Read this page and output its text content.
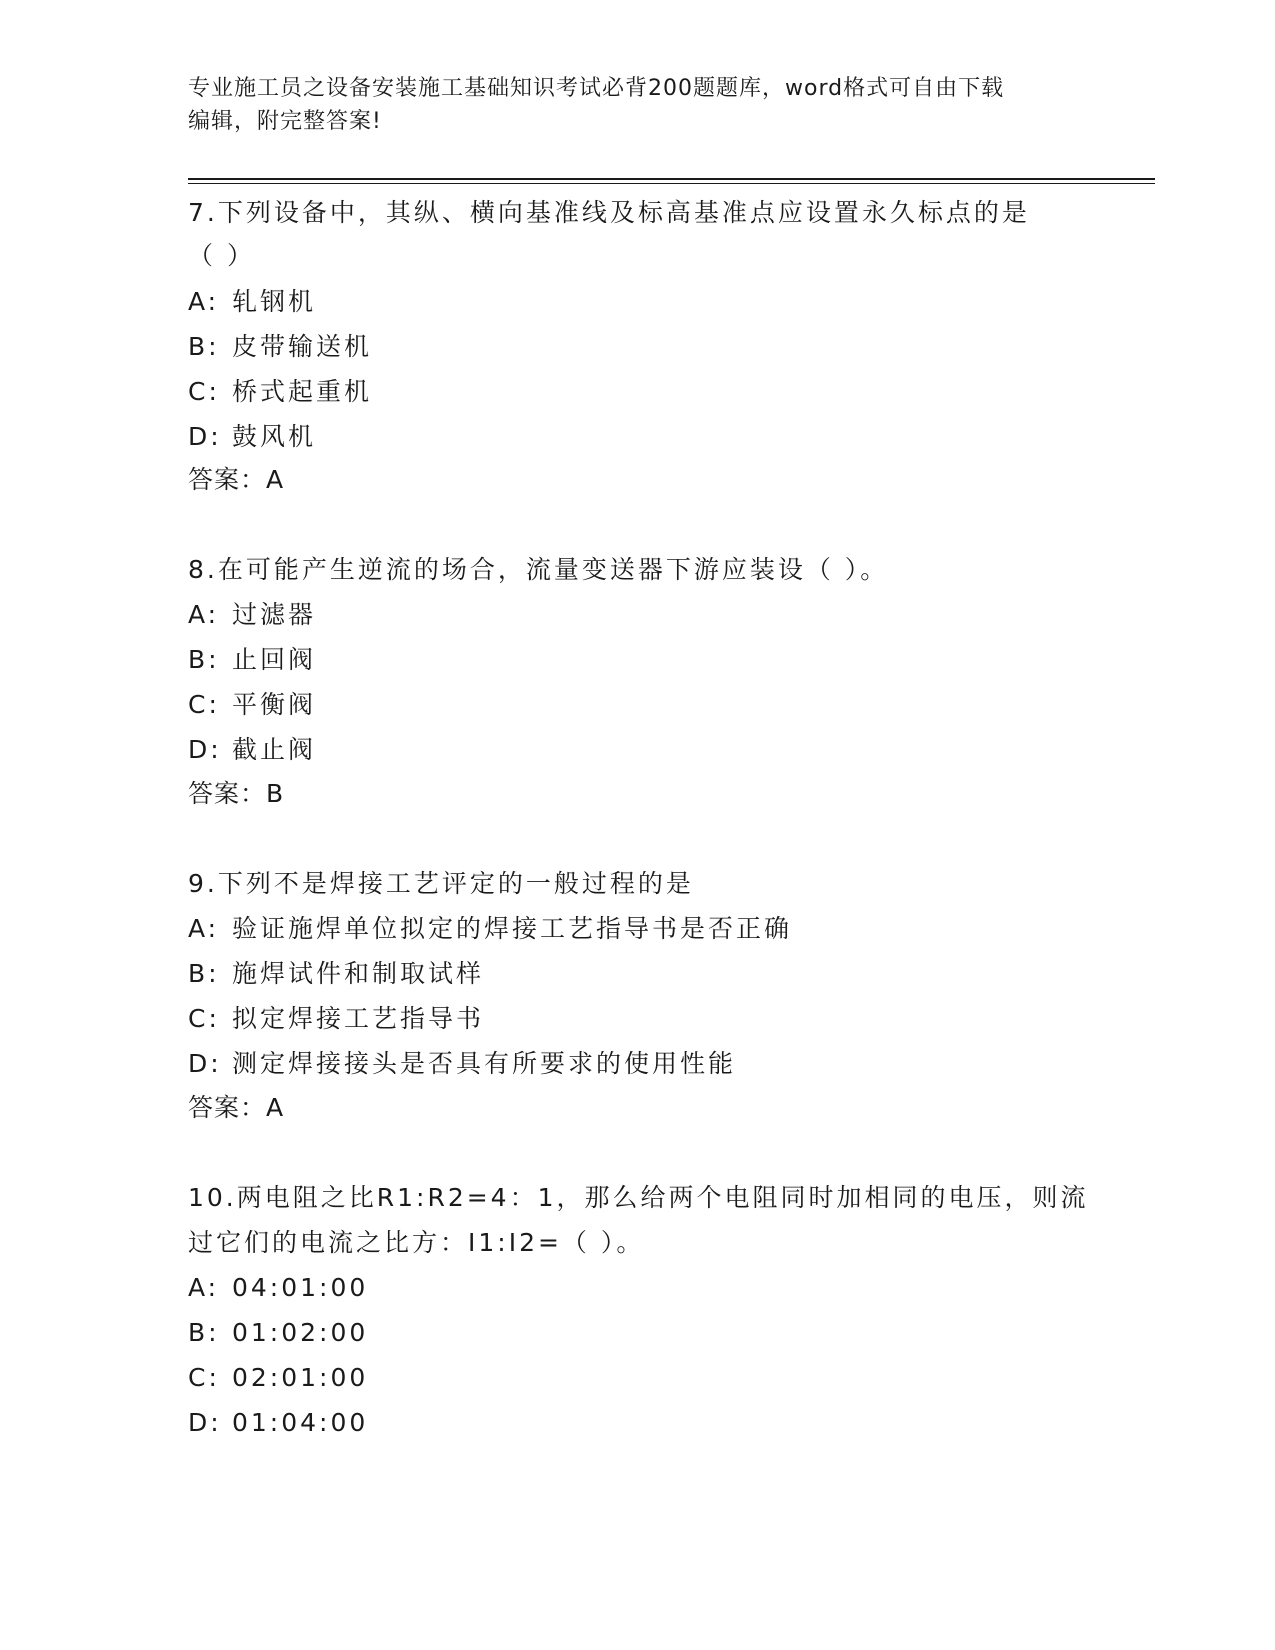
专业施工员之设备安装施工基础知识考试必背200题题库，word格式可自由下载
编辑，附完整答案!
7.下列设备中，其纵、横向基准线及标高基准点应设置永久标点的是
（ ）
A: 轧钢机
B: 皮带输送机
C: 桥式起重机
D: 鼓风机
答案：A
8.在可能产生逆流的场合，流量变送器下游应装设（ ）。
A: 过滤器
B: 止回阀
C: 平衡阀
D: 截止阀
答案：B
9.下列不是焊接工艺评定的一般过程的是
A: 验证施焊单位拟定的焊接工艺指导书是否正确
B: 施焊试件和制取试样
C: 拟定焊接工艺指导书
D: 测定焊接接头是否具有所要求的使用性能
答案：A
10.两电阻之比R1:R2=4：1，那么给两个电阻同时加相同的电压，则流
过它们的电流之比方：I1:I2=（ ）。
A: 04:01:00
B: 01:02:00
C: 02:01:00
D: 01:04:00
